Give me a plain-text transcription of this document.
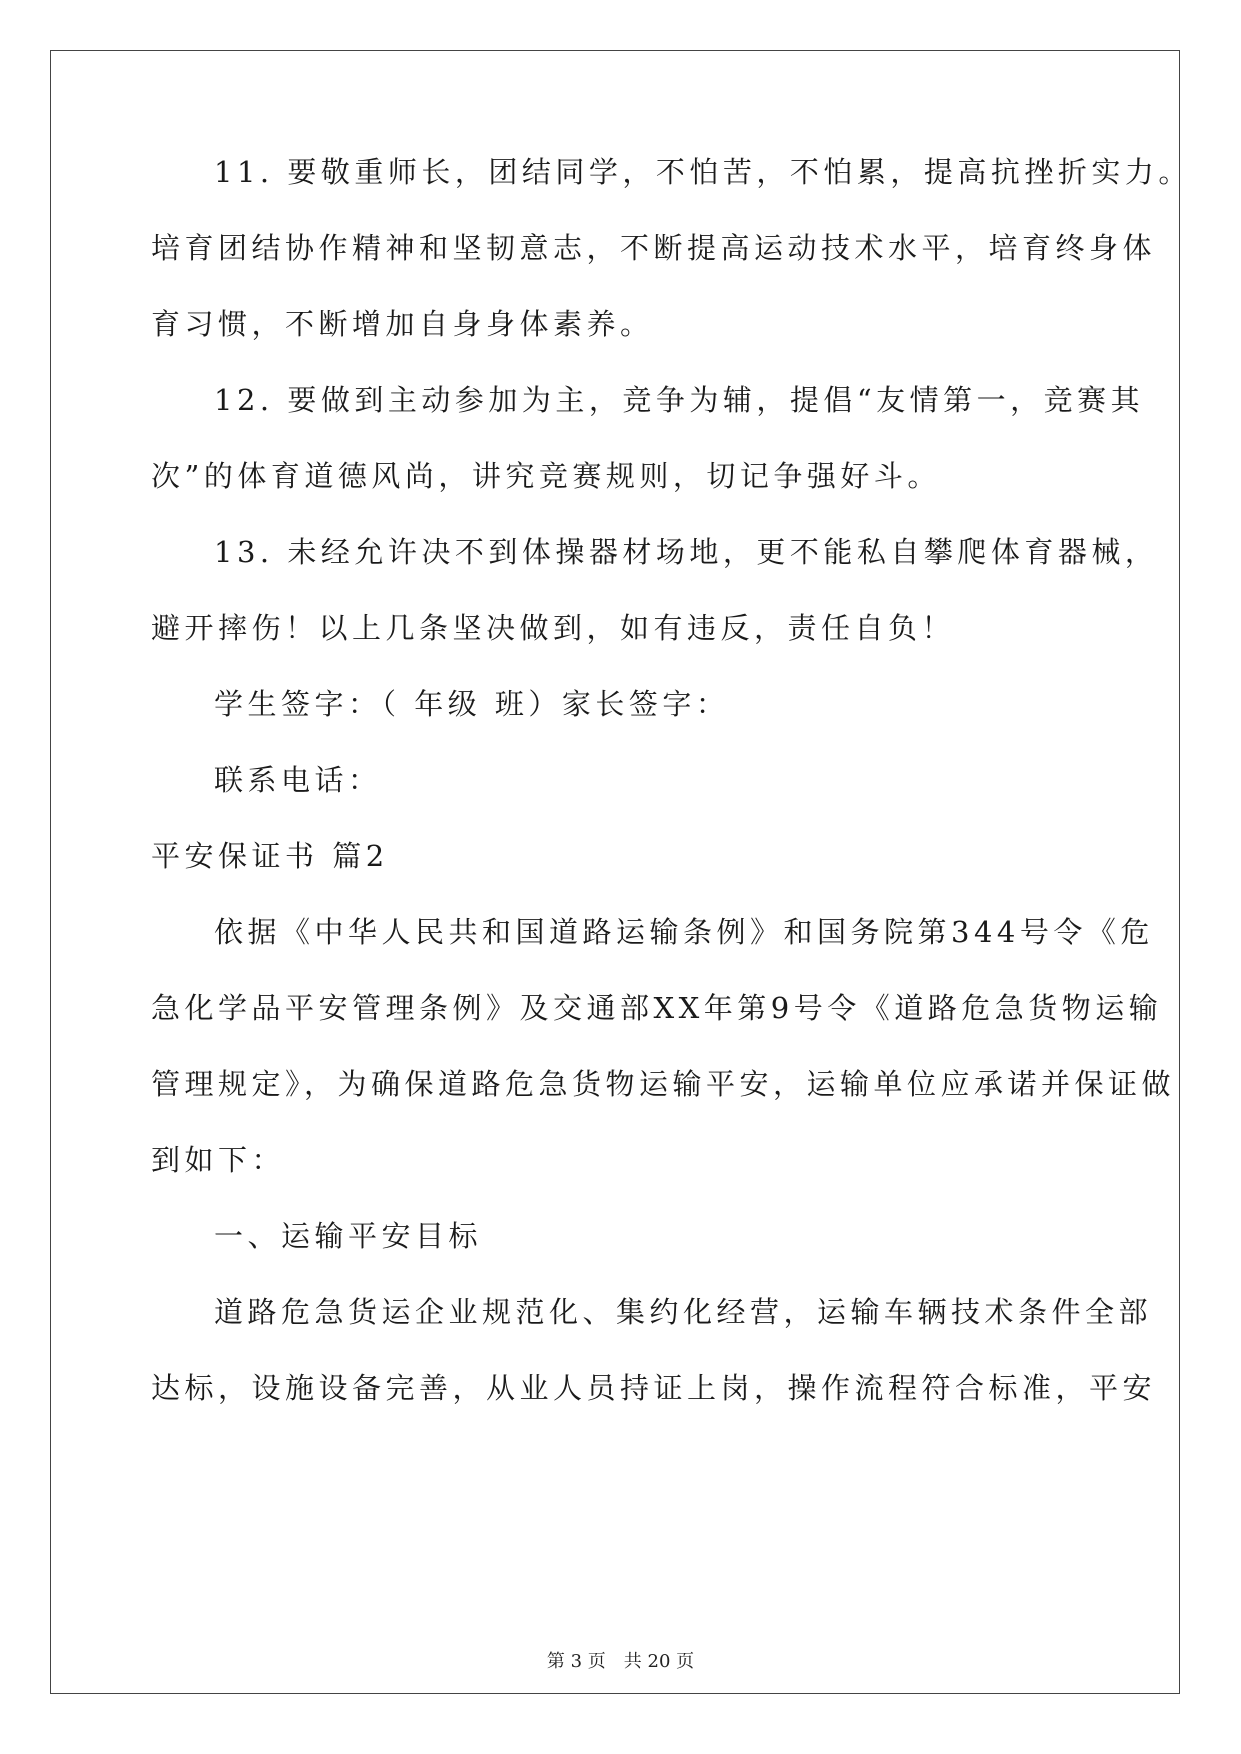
11. 要敬重师长，团结同学，不怕苦，不怕累，提高抗挫折实力。
培育团结协作精神和坚韧意志，不断提高运动技术水平，培育终身体
育习惯，不断增加自身身体素养。
12. 要做到主动参加为主，竞争为辅，提倡“友情第一，竞赛其
次”的体育道德风尚，讲究竞赛规则，切记争强好斗。
13. 未经允许决不到体操器材场地，更不能私自攀爬体育器械，
避开摔伤！以上几条坚决做到，如有违反，责任自负！
学生签字：（ 年级 班）家长签字：
联系电话：
平安保证书 篇2
依据《中华人民共和国道路运输条例》和国务院第344号令《危
急化学品平安管理条例》及交通部XX年第9号令《道路危急货物运输
管理规定》，为确保道路危急货物运输平安，运输单位应承诺并保证做
到如下：
一、运输平安目标
道路危急货运企业规范化、集约化经营，运输车辆技术条件全部
达标，设施设备完善，从业人员持证上岗，操作流程符合标准，平安
第 3 页　共 20 页
